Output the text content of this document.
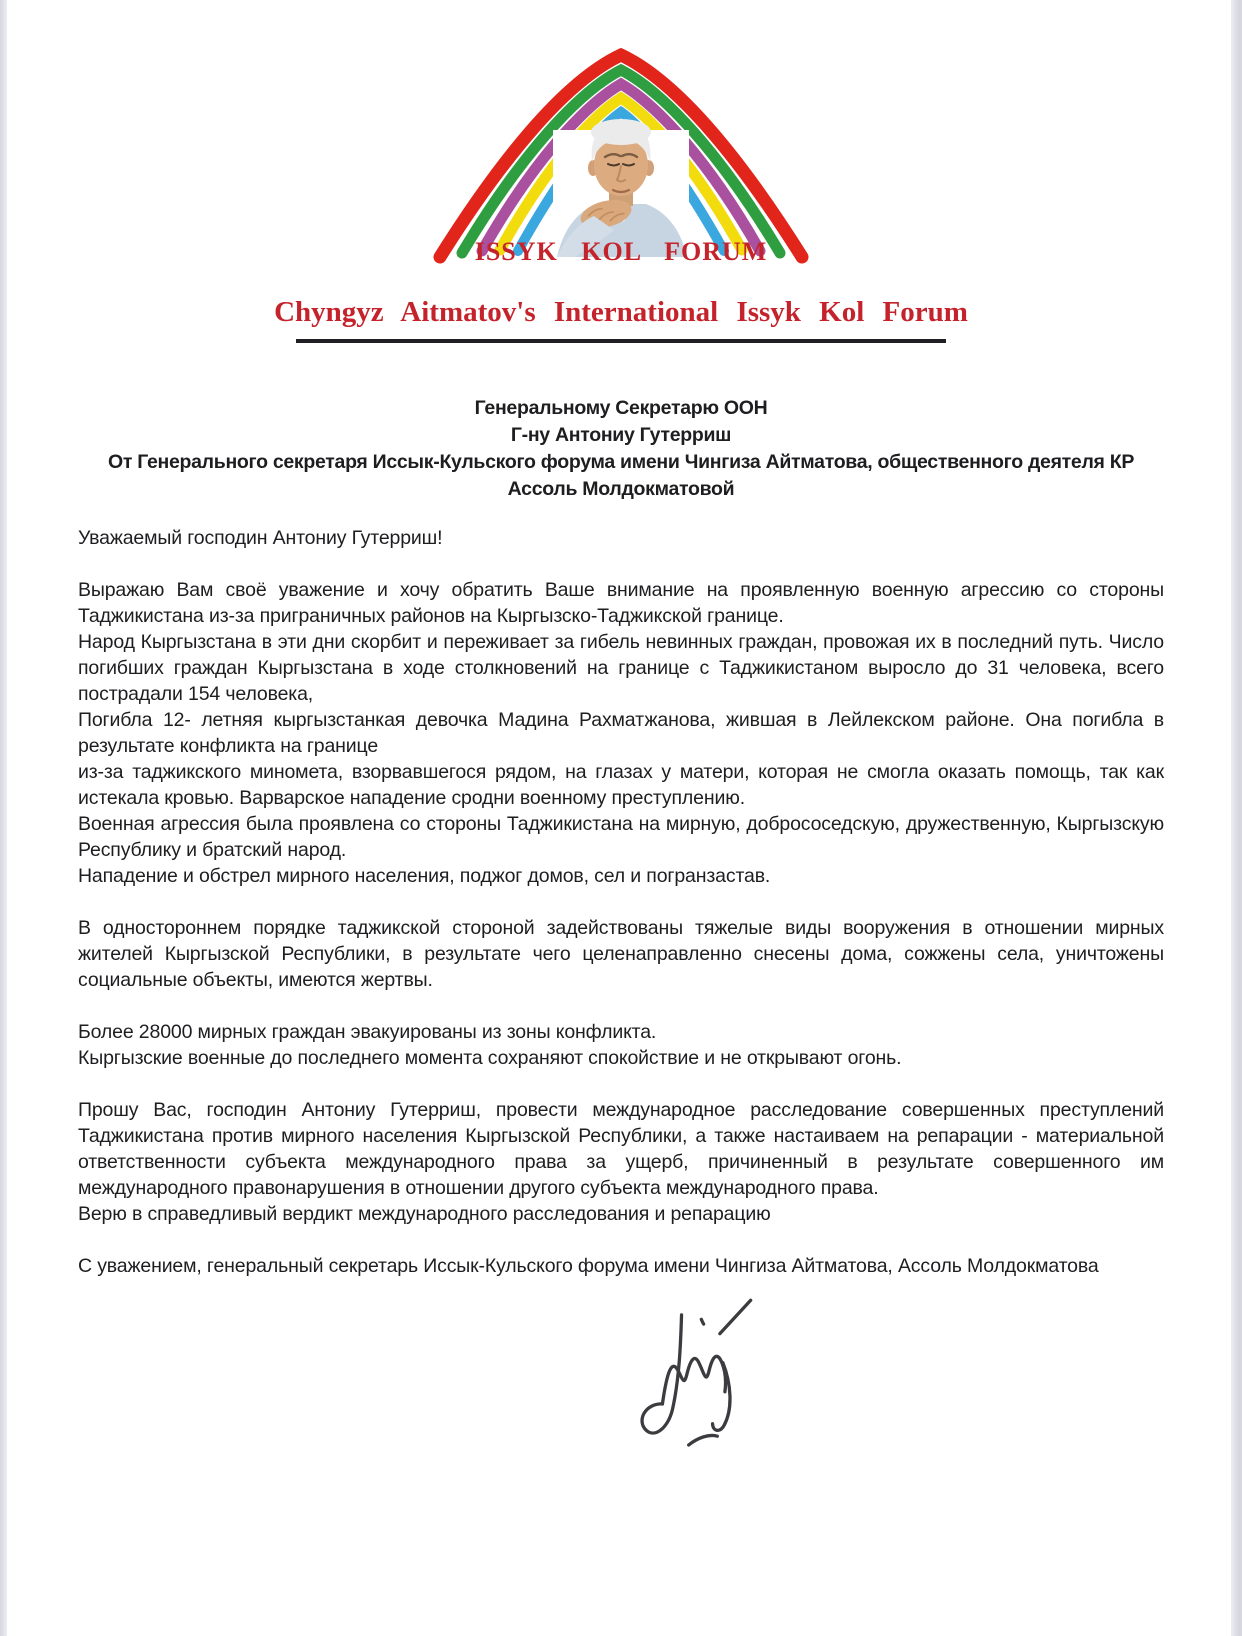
ISSYK KOL FORUM
Chyngyz Aitmatov's International Issyk Kol Forum

Генеральному Секретарю ООН

Г-ну Антониу Гутерриш

От Генерального секретаря Иссык-Кульского форума имени Чингиза Айтматова, общественного деятеля КР

Ассоль Молдокматовой

Уважаемый господин Антониу Гутерриш!

Выражаю Вам своё уважение и хочу обратить Ваше внимание на проявленную военную агрессию со стороны Таджикистана из-за приграничных районов на Кыргызско-Таджикской границе.

Народ Кыргызстана в эти дни скорбит и переживает за гибель невинных граждан, провожая их в последний путь. Число погибших граждан Кыргызстана в ходе столкновений на границе с Таджикистаном выросло до 31 человека, всего пострадали 154 человека,

Погибла 12- летняя кыргызстанкая девочка Мадина Рахматжанова, жившая в Лейлекском районе. Она погибла в результате конфликта на границе

из-за таджикского миномета, взорвавшегося рядом, на глазах у матери, которая не смогла оказать помощь, так как истекала кровью. Варварское нападение сродни военному преступлению.

Военная агрессия была проявлена со стороны Таджикистана на мирную, добрососедскую, дружественную, Кыргызскую Республику и братский народ.

Нападение и обстрел мирного населения, поджог домов, сел и погранзастав.

В одностороннем порядке таджикской стороной задействованы тяжелые виды вооружения в отношении мирных жителей Кыргызской Республики, в результате чего целенаправленно снесены дома, сожжены села, уничтожены социальные объекты, имеются жертвы.

Более 28000 мирных граждан эвакуированы из зоны конфликта.

Кыргызские военные до последнего момента сохраняют спокойствие и не открывают огонь.

Прошу Вас, господин Антониу Гутерриш, провести международное расследование совершенных преступлений Таджикистана против мирного населения Кыргызской Республики, а также настаиваем на репарации - материальной ответственности субъекта международного права за ущерб, причиненный в результате совершенного им международного правонарушения в отношении другого субъекта международного права.

Верю в справедливый вердикт международного расследования и репарацию

С уважением, генеральный секретарь Иссык-Кульского форума имени Чингиза Айтматова, Ассоль Молдокматова
